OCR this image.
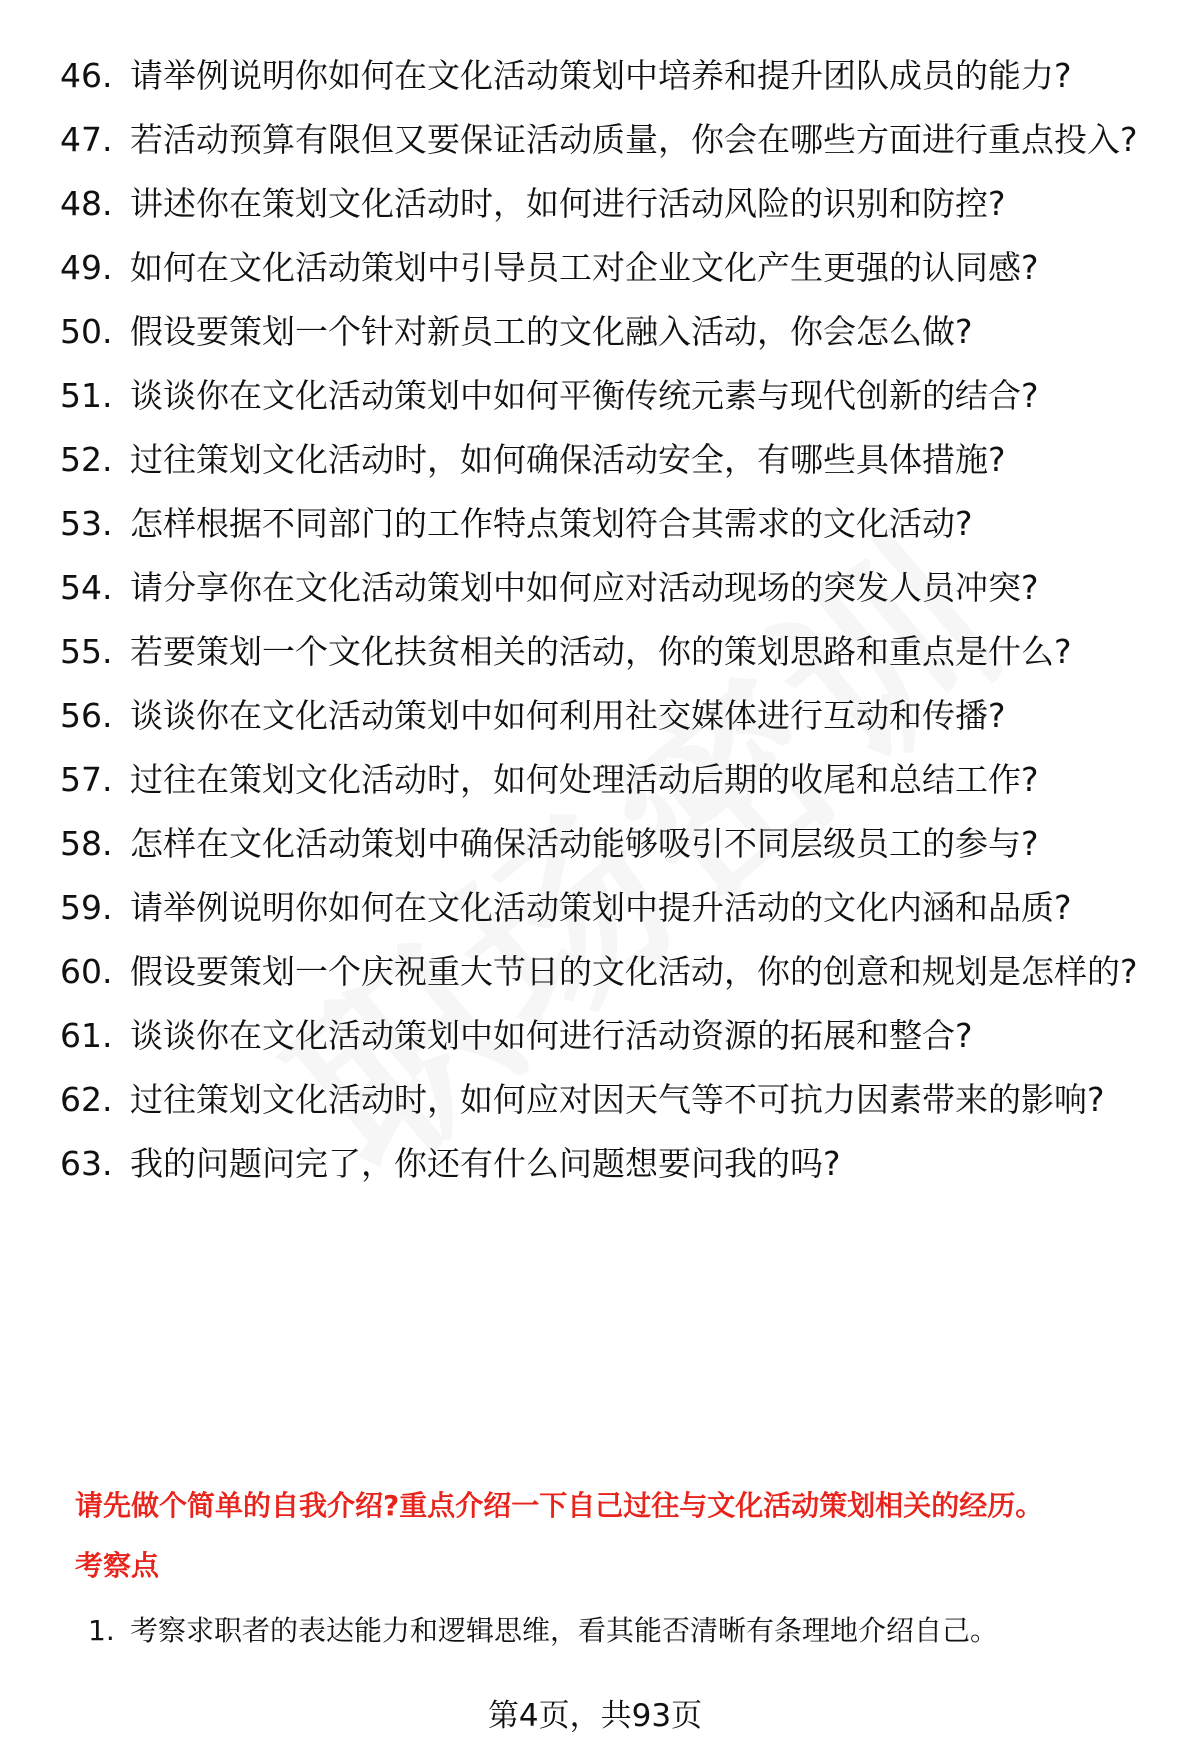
46. 请举例说明你如何在文化活动策划中培养和提升团队成员的能力?
47. 若活动预算有限但又要保证活动质量，你会在哪些方面进行重点投入?
48. 讲述你在策划文化活动时，如何进行活动风险的识别和防控?
49. 如何在文化活动策划中引导员工对企业文化产生更强的认同感?
50. 假设要策划一个针对新员工的文化融入活动，你会怎么做?
51. 谈谈你在文化活动策划中如何平衡传统元素与现代创新的结合?
52. 过往策划文化活动时，如何确保活动安全，有哪些具体措施?
53. 怎样根据不同部门的工作特点策划符合其需求的文化活动?
54. 请分享你在文化活动策划中如何应对活动现场的突发人员冲突?
55. 若要策划一个文化扶贫相关的活动，你的策划思路和重点是什么?
56. 谈谈你在文化活动策划中如何利用社交媒体进行互动和传播?
57. 过往在策划文化活动时，如何处理活动后期的收尾和总结工作?
58. 怎样在文化活动策划中确保活动能够吸引不同层级员工的参与?
59. 请举例说明你如何在文化活动策划中提升活动的文化内涵和品质?
60. 假设要策划一个庆祝重大节日的文化活动，你的创意和规划是怎样的?
61. 谈谈你在文化活动策划中如何进行活动资源的拓展和整合?
62. 过往策划文化活动时，如何应对因天气等不可抗力因素带来的影响?
63. 我的问题问完了，你还有什么问题想要问我的吗?
请先做个简单的自我介绍?重点介绍一下自己过往与文化活动策划相关的经历。
考察点
1. 考察求职者的表达能力和逻辑思维，看其能否清晰有条理地介绍自己。
第4页，共93页
